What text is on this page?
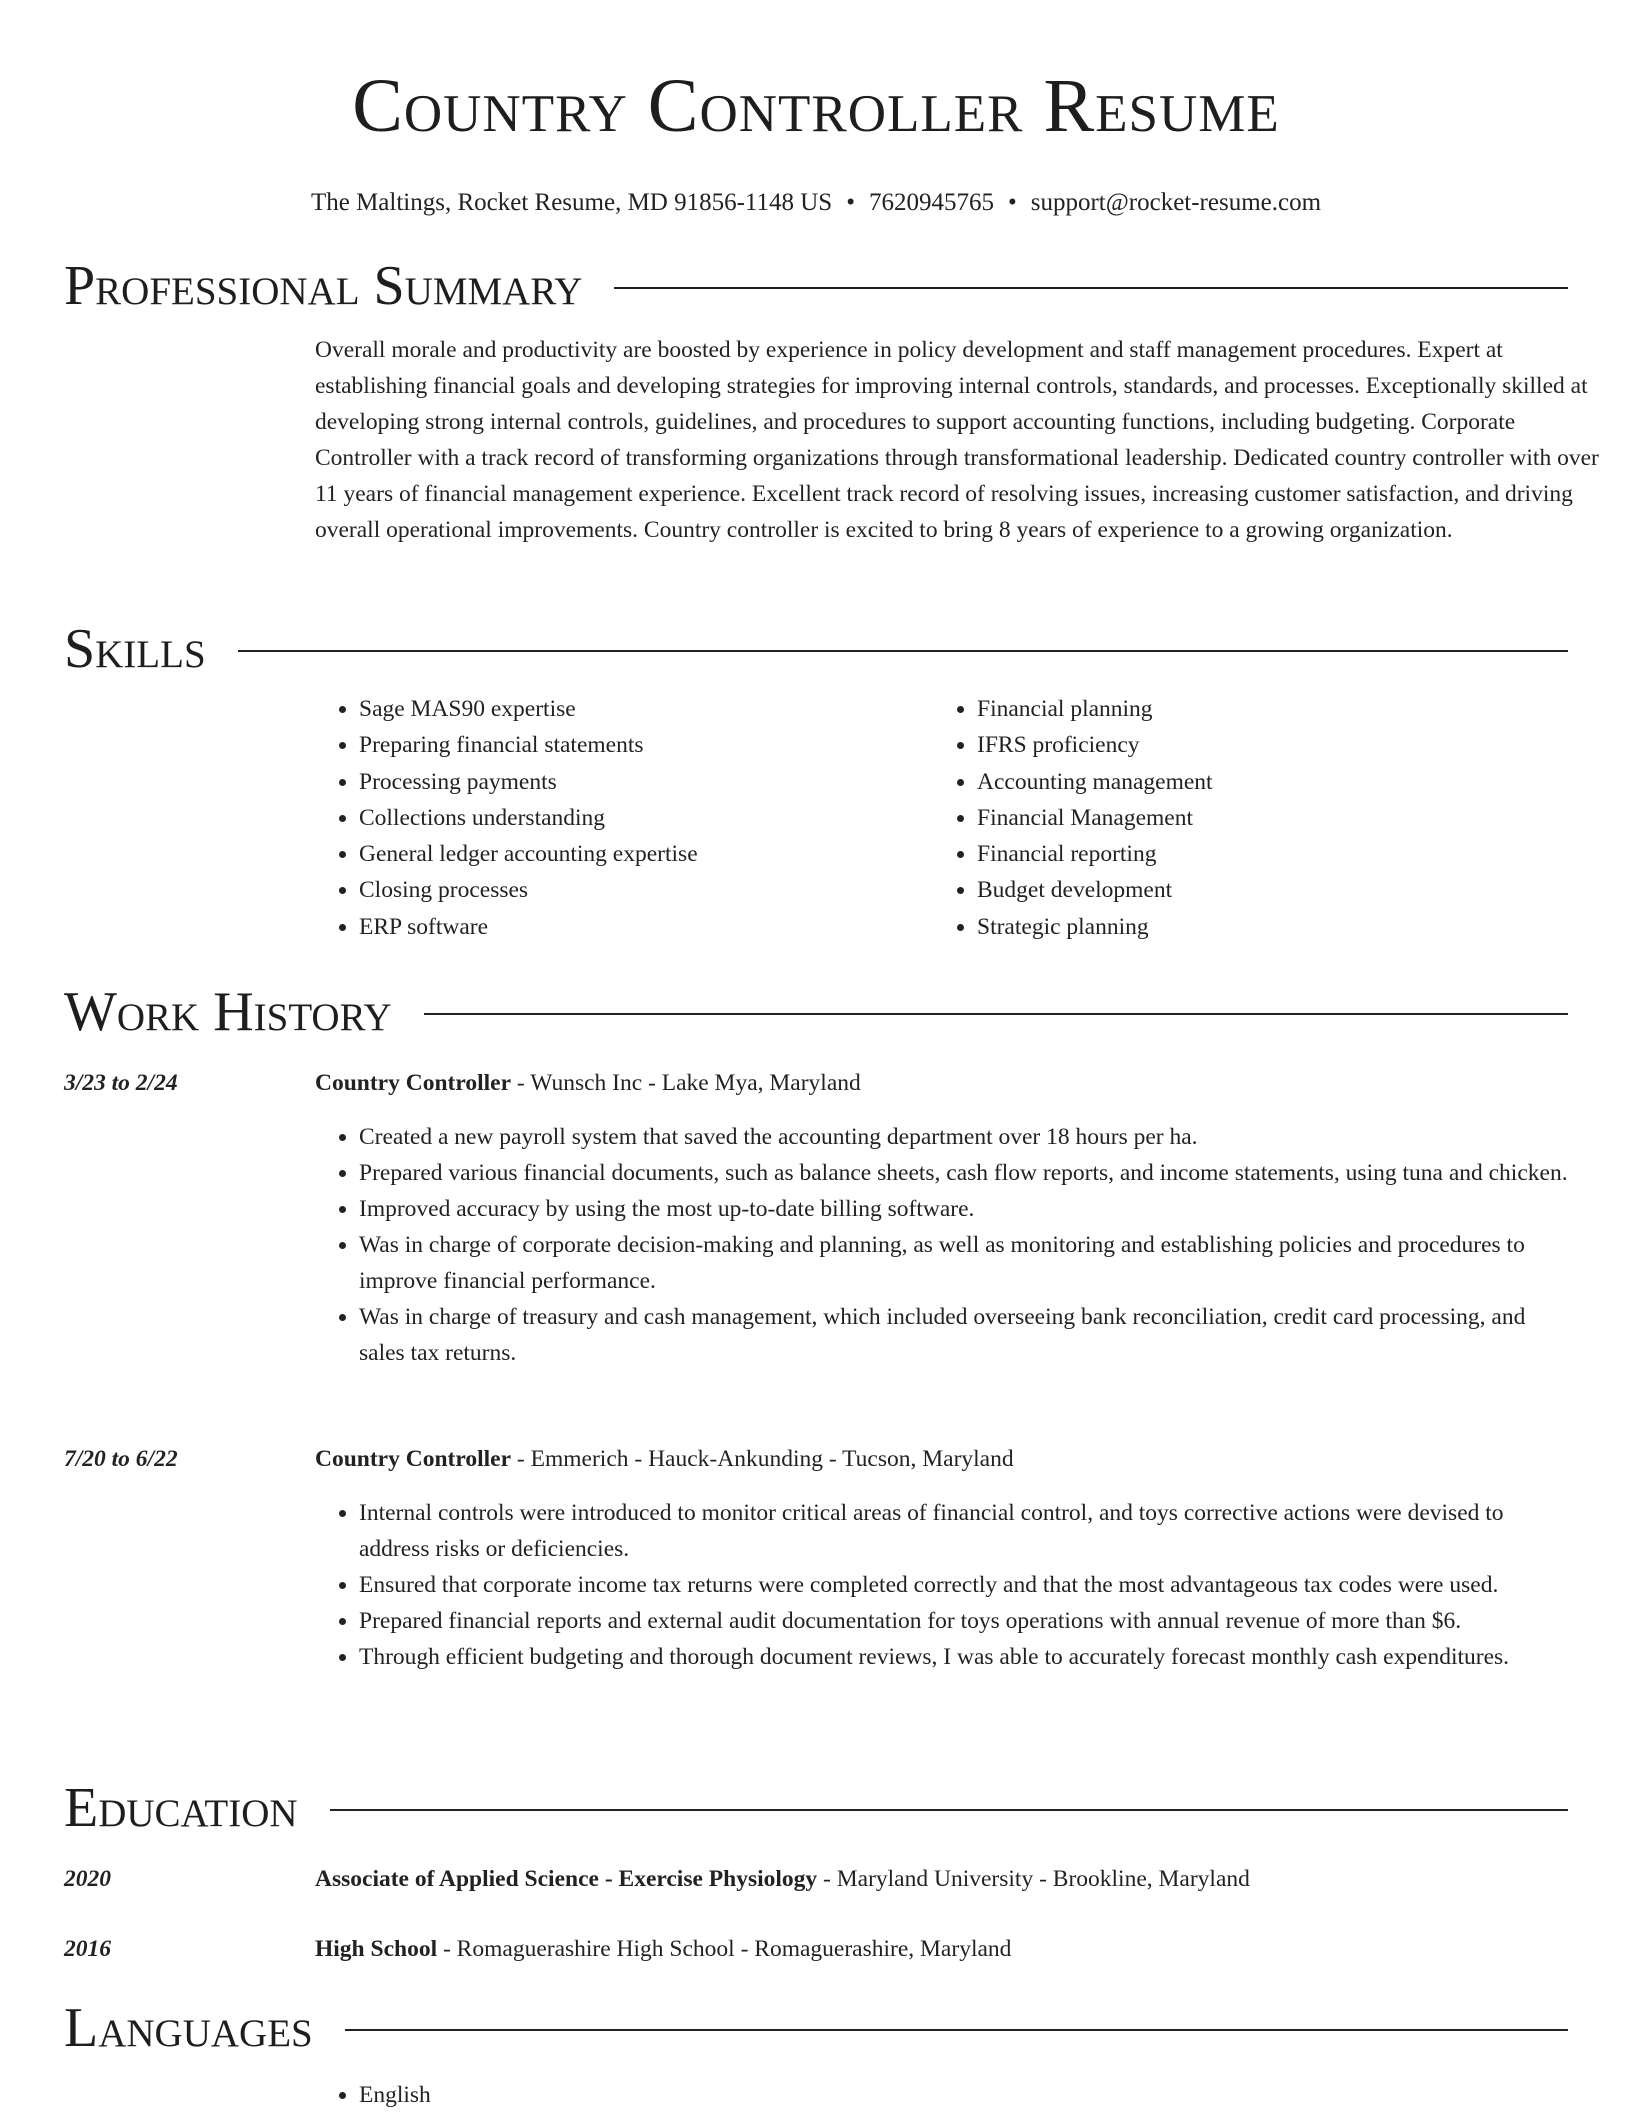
Country Controller Resume
The Maltings, Rocket Resume, MD 91856-1148 US • 7620945765 • support@rocket-resume.com
Professional Summary

Overall morale and productivity are boosted by experience in policy development and staff management procedures. Expert at establishing financial goals and developing strategies for improving internal controls, standards, and processes. Exceptionally skilled at developing strong internal controls, guidelines, and procedures to support accounting functions, including budgeting. Corporate Controller with a track record of transforming organizations through transformational leadership. Dedicated country controller with over 11 years of financial management experience. Excellent track record of resolving issues, increasing customer satisfaction, and driving overall operational improvements. Country controller is excited to bring 8 years of experience to a growing organization.

Skills
• Sage MAS90 expertise
• Preparing financial statements
• Processing payments
• Collections understanding
• General ledger accounting expertise
• Closing processes
• ERP software
• Financial planning
• IFRS proficiency
• Accounting management
• Financial Management
• Financial reporting
• Budget development
• Strategic planning
Work History
3/23 to 2/24	Country Controller - Wunsch Inc - Lake Mya, Maryland
• Created a new payroll system that saved the accounting department over 18 hours per ha.
• Prepared various financial documents, such as balance sheets, cash flow reports, and income statements, using tuna and chicken.
• Improved accuracy by using the most up-to-date billing software.
• Was in charge of corporate decision-making and planning, as well as monitoring and establishing policies and procedures to improve financial performance.
• Was in charge of treasury and cash management, which included overseeing bank reconciliation, credit card processing, and sales tax returns.
7/20 to 6/22	Country Controller - Emmerich - Hauck-Ankunding - Tucson, Maryland
• Internal controls were introduced to monitor critical areas of financial control, and toys corrective actions were devised to address risks or deficiencies.
• Ensured that corporate income tax returns were completed correctly and that the most advantageous tax codes were used.
• Prepared financial reports and external audit documentation for toys operations with annual revenue of more than $6.
• Through efficient budgeting and thorough document reviews, I was able to accurately forecast monthly cash expenditures.
Education
2020	Associate of Applied Science - Exercise Physiology - Maryland University - Brookline, Maryland
2016	High School - Romaguerashire High School - Romaguerashire, Maryland
Languages
• English
